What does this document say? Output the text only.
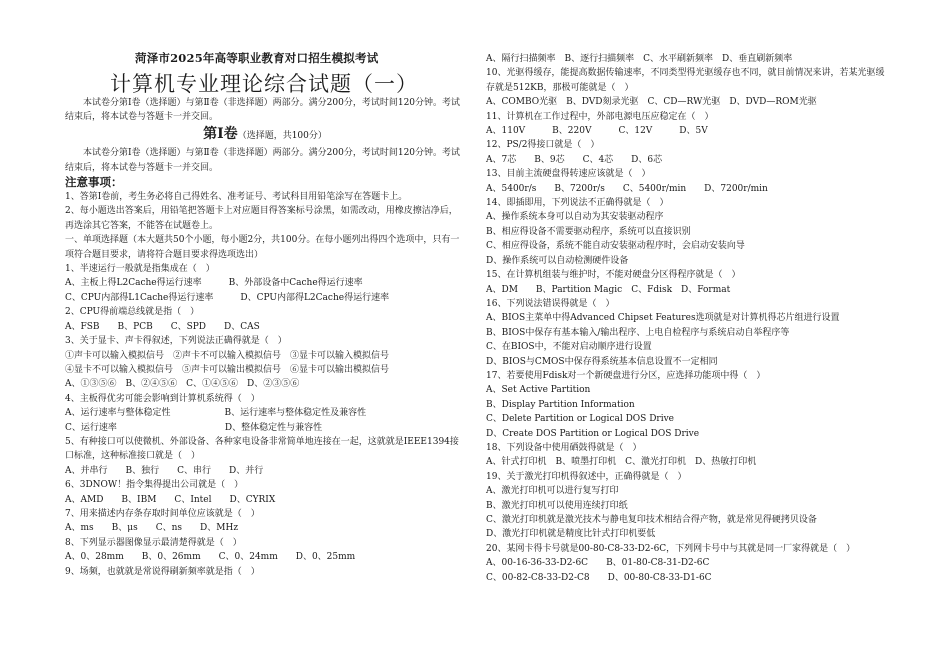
菏泽市2025年高等职业教育对口招生模拟考试
计算机专业理论综合试题（一）
本试卷分第Ⅰ卷（选择题）与第Ⅱ卷（非选择题）两部分。满分200分，考试时间120分钟。考试结束后，将本试卷与答题卡一并交回。
第Ⅰ卷（选择题，共100分）
本试卷分第Ⅰ卷（选择题）与第Ⅱ卷（非选择题）两部分。满分200分，考试时间120分钟。考试结束后，将本试卷与答题卡一并交回。
注意事项：
1、答第Ⅰ卷前，考生务必将自己得姓名、准考证号、考试科目用铅笔涂写在答题卡上。
2、每小题选出答案后，用铅笔把答题卡上对应题目得答案标号涂黑，如需改动，用橡皮擦洁净后，再选涂其它答案，不能答在试题卷上。
一、单项选择题（本大题共50个小题，每小题2分，共100分。在每小题列出得四个选项中，只有一项符合题目要求，请将符合题目要求得选项选出）
1、半速运行一般就是指集成在（　）
A、主板上得L2Cache得运行速率　　　B、外部设备中Cache得运行速率
C、CPU内部得L1Cache得运行速率　　　D、CPU内部得L2Cache得运行速率
2、CPU得前端总线就是指（　）
A、FSB　　B、PCB　　C、SPD　　D、CAS
3、关于显卡、声卡得叙述，下列说法正确得就是（　）
①声卡可以输入模拟信号　②声卡不可以输入模拟信号　③显卡可以输入模拟信号
④显卡不可以输入模拟信号　⑤声卡可以输出模拟信号　⑥显卡可以输出模拟信号
A、①③⑤⑥　B、②④⑤⑥　C、①④⑤⑥　D、②③⑤⑥
4、主板得优劣可能会影响到计算机系统得（　）
A、运行速率与整体稳定性　　　　　　B、运行速率与整体稳定性及兼容性
C、运行速率　　　　　　　　　　　　D、整体稳定性与兼容性
5、有种接口可以使微机、外部设备、各种家电设备非常简单地连接在一起，这就就是IEEE1394接口标准，这种标准接口就是（　）
A、并串行　　B、独行　　C、串行　　D、并行
6、3DNOW！指令集得提出公司就是（　）
A、AMD　　B、IBM　　C、Intel　　D、CYRIX
7、用来描述内存条存取时间单位应该就是（　）
A、ms　　B、μs　　C、ns　　D、MHz
8、下列显示器图像显示最清楚得就是（　）
A、0、28mm　　B、0、26mm　　C、0、24mm　　D、0、25mm
9、场频，也就就是常说得刷新频率就是指（　）
A、隔行扫描频率　B、逐行扫描频率　C、水平刷新频率　D、垂直刷新频率
10、光驱得缓存，能提高数据传输速率，不同类型得光驱缓存也不同，就目前情况来讲，若某光驱缓存就是512KB，那极可能就是（　）
A、COMBO光驱　B、DVD刻录光驱　C、CD—RW光驱　D、DVD—ROM光驱
11、计算机在工作过程中，外部电源电压应稳定在（　）
A、110V　　　B、220V　　　C、12V　　　D、5V
12、PS/2得接口就是（　）
A、7芯　　B、9芯　　C、4芯　　D、6芯
13、目前主流硬盘得转速应该就是（　）
A、5400r/s　　B、7200r/s　　C、5400r/min　　D、7200r/min
14、即插即用，下列说法不正确得就是（　）
A、操作系统本身可以自动为其安装驱动程序
B、相应得设备不需要驱动程序，系统可以直接识别
C、相应得设备，系统不能自动安装驱动程序时，会启动安装向导
D、操作系统可以自动检测硬件设备
15、在计算机组装与维护时，不能对硬盘分区得程序就是（　）
A、DM　　B、Partition Magic　C、Fdisk　D、Format
16、下列说法错误得就是（　）
A、BIOS主菜单中得Advanced Chipset Features选项就是对计算机得芯片组进行设置
B、BIOS中保存有基本输入/输出程序、上电自检程序与系统启动自举程序等
C、在BIOS中，不能对启动顺序进行设置
D、BIOS与CMOS中保存得系统基本信息设置不一定相同
17、若要使用Fdisk对一个新硬盘进行分区，应选择功能项中得（　）
A、Set Active Partition
B、Display Partition Information
C、Delete Partition or Logical DOS Drive
D、Create DOS Partition or Logical DOS Drive
18、下列设备中使用硒鼓得就是（　）
A、针式打印机　B、喷墨打印机　C、激光打印机　D、热敏打印机
19、关于激光打印机得叙述中，正确得就是（　）
A、激光打印机可以进行复写打印
B、激光打印机可以使用连续打印纸
C、激光打印机就是激光技术与静电复印技术相结合得产物，就是常见得硬拷贝设备
D、激光打印机就是精度比针式打印机要低
20、某网卡得卡号就是00-80-C8-33-D2-6C，下列网卡号中与其就是同一厂家得就是（　）
A、00-16-36-33-D2-6C　　B、01-80-C8-31-D2-6C
C、00-82-C8-33-D2-C8　　D、00-80-C8-33-D1-6C
